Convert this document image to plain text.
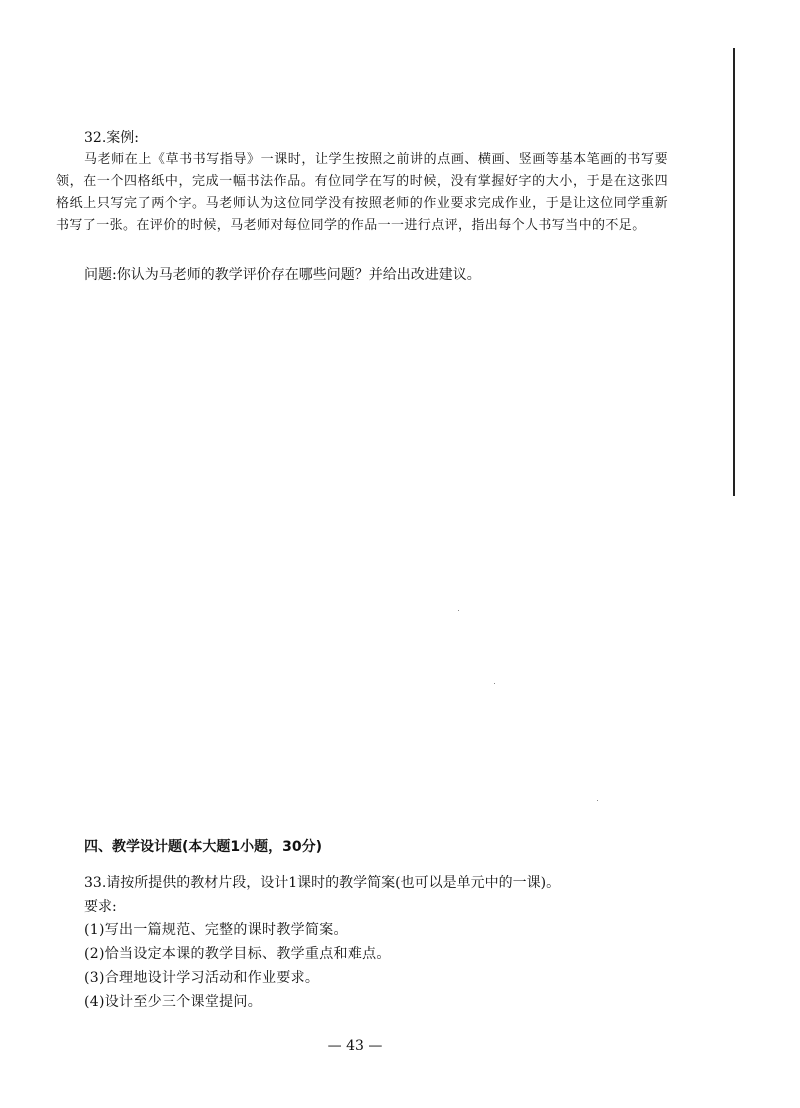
32.案例:

马老师在上《草书书写指导》一课时，让学生按照之前讲的点画、横画、竖画等基本笔画的书写要领，在一个四格纸中，完成一幅书法作品。有位同学在写的时候，没有掌握好字的大小，于是在这张四格纸上只写完了两个字。马老师认为这位同学没有按照老师的作业要求完成作业，于是让这位同学重新书写了一张。在评价的时候，马老师对每位同学的作品一一进行点评，指出每个人书写当中的不足。

问题:你认为马老师的教学评价存在哪些问题？并给出改进建议。

四、教学设计题(本大题1小题，30分)

33.请按所提供的教材片段，设计1课时的教学简案(也可以是单元中的一课)。

要求:

(1)写出一篇规范、完整的课时教学简案。
(2)恰当设定本课的教学目标、教学重点和难点。
(3)合理地设计学习活动和作业要求。
(4)设计至少三个课堂提问。
— 43 —
